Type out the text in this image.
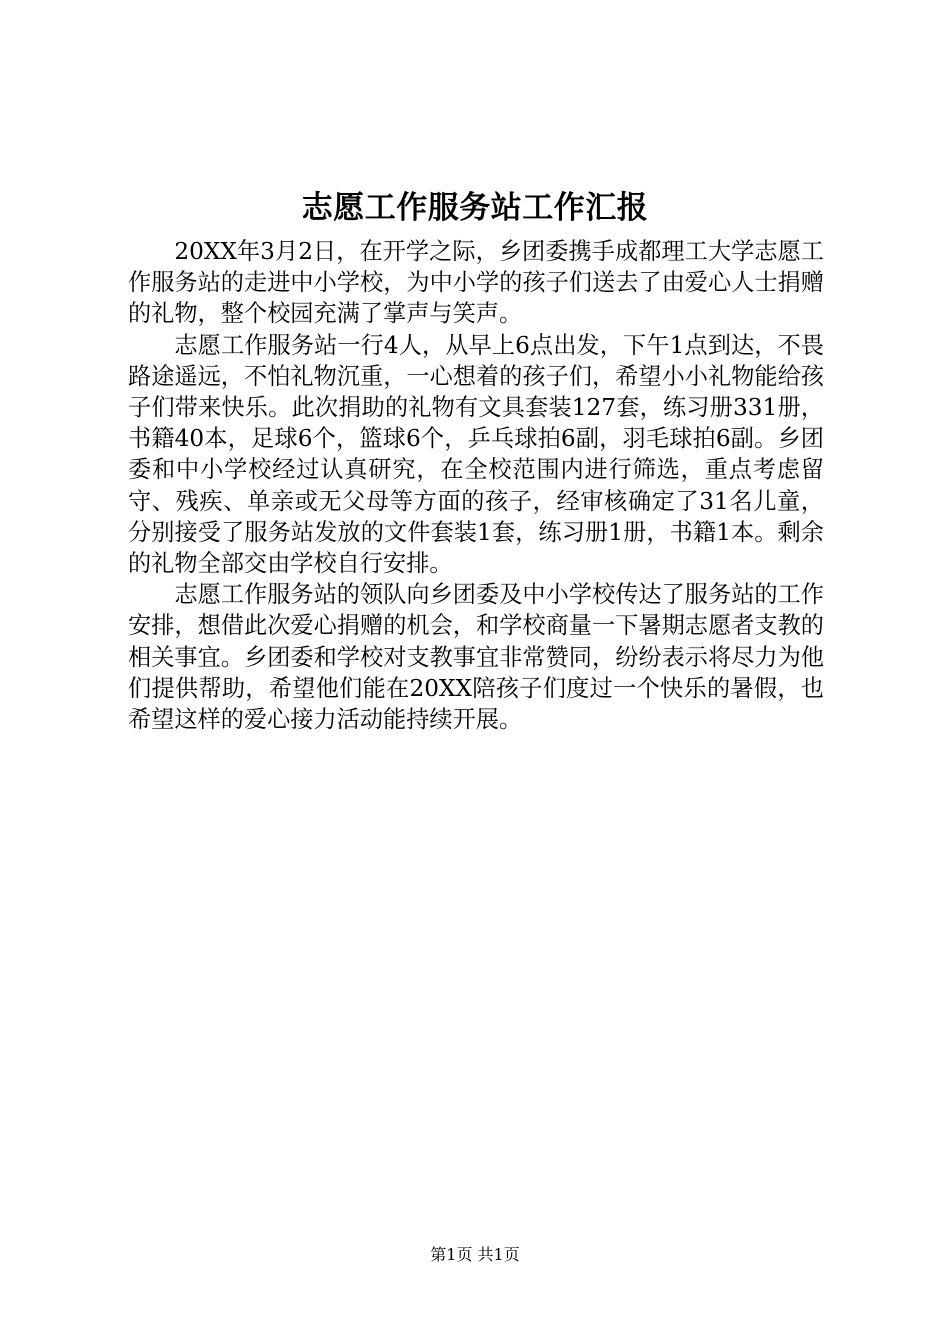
志愿工作服务站工作汇报

20XX年3月2日，在开学之际，乡团委携手成都理工大学志愿工作服务站的走进中小学校，为中小学的孩子们送去了由爱心人士捐赠的礼物，整个校园充满了掌声与笑声。

志愿工作服务站一行4人，从早上6点出发，下午1点到达，不畏路途遥远，不怕礼物沉重，一心想着的孩子们，希望小小礼物能给孩子们带来快乐。此次捐助的礼物有文具套装127套，练习册331册，书籍40本，足球6个，篮球6个，乒乓球拍6副，羽毛球拍6副。乡团委和中小学校经过认真研究，在全校范围内进行筛选，重点考虑留守、残疾、单亲或无父母等方面的孩子，经审核确定了31名儿童，分别接受了服务站发放的文件套装1套，练习册1册，书籍1本。剩余的礼物全部交由学校自行安排。

志愿工作服务站的领队向乡团委及中小学校传达了服务站的工作安排，想借此次爱心捐赠的机会，和学校商量一下暑期志愿者支教的相关事宜。乡团委和学校对支教事宜非常赞同，纷纷表示将尽力为他们提供帮助，希望他们能在20XX陪孩子们度过一个快乐的暑假，也希望这样的爱心接力活动能持续开展。

第1页 共1页
